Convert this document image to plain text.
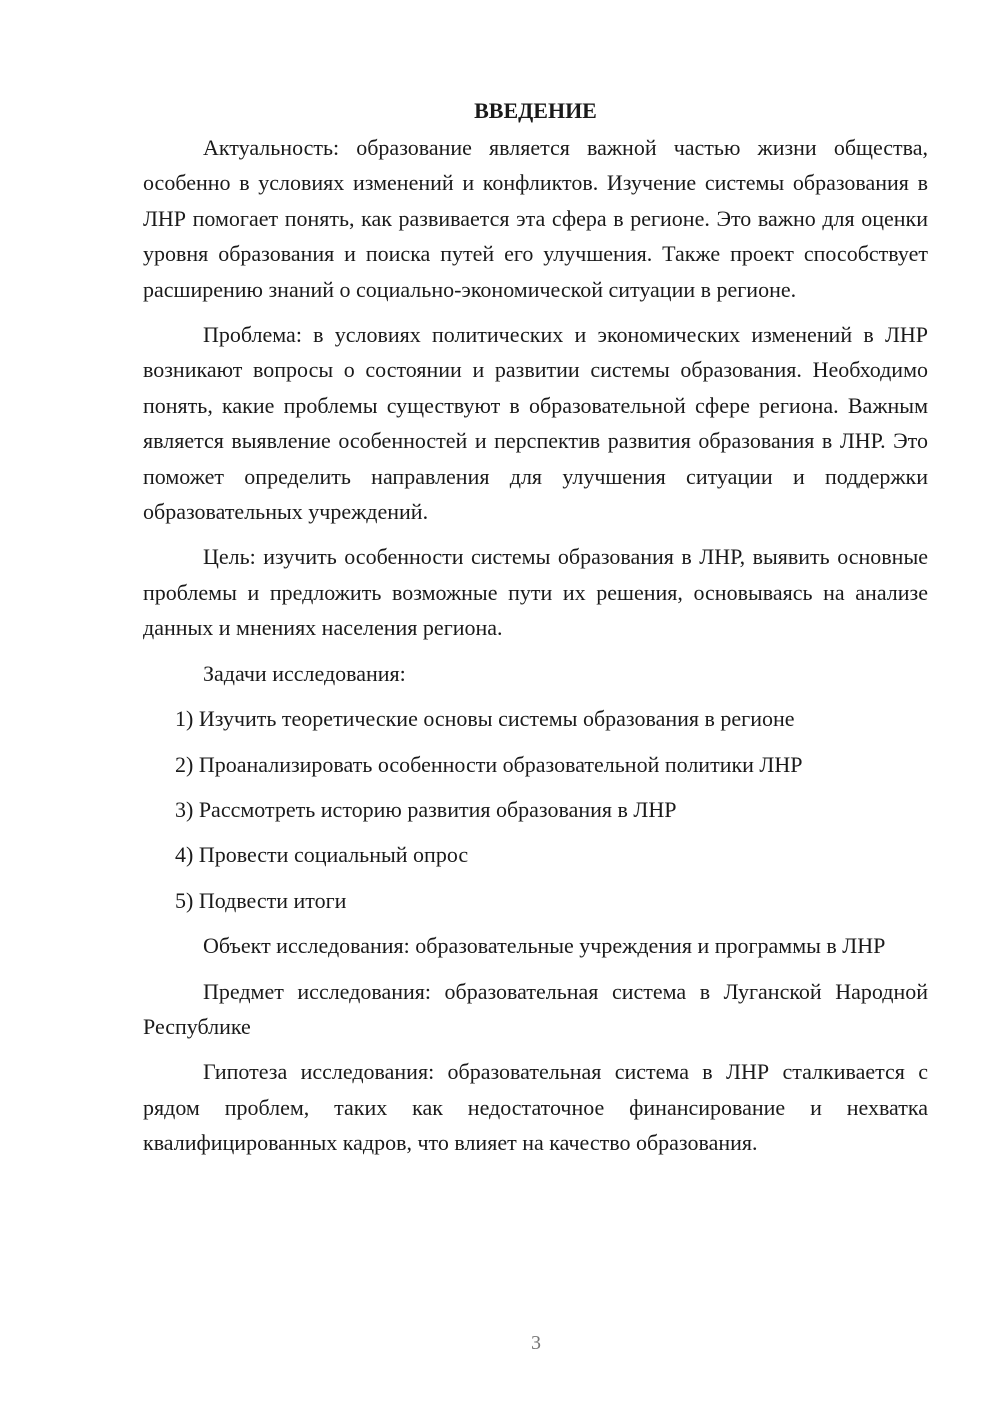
ВВЕДЕНИЕ

Актуальность: образование является важной частью жизни общества, особенно в условиях изменений и конфликтов. Изучение системы образования в ЛНР помогает понять, как развивается эта сфера в регионе. Это важно для оценки уровня образования и поиска путей его улучшения. Также проект способствует расширению знаний о социально-экономической ситуации в регионе.

Проблема: в условиях политических и экономических изменений в ЛНР возникают вопросы о состоянии и развитии системы образования. Необходимо понять, какие проблемы существуют в образовательной сфере региона. Важным является выявление особенностей и перспектив развития образования в ЛНР. Это поможет определить направления для улучшения ситуации и поддержки образовательных учреждений.

Цель: изучить особенности системы образования в ЛНР, выявить основные проблемы и предложить возможные пути их решения, основываясь на анализе данных и мнениях населения региона.

Задачи исследования:

1) Изучить теоретические основы системы образования в регионе

2) Проанализировать особенности образовательной политики ЛНР

3) Рассмотреть историю развития образования в ЛНР

4) Провести социальный опрос

5) Подвести итоги

Объект исследования: образовательные учреждения и программы в ЛНР

Предмет исследования: образовательная система в Луганской Народной Республике

Гипотеза исследования: образовательная система в ЛНР сталкивается с рядом проблем, таких как недостаточное финансирование и нехватка квалифицированных кадров, что влияет на качество образования.

3
